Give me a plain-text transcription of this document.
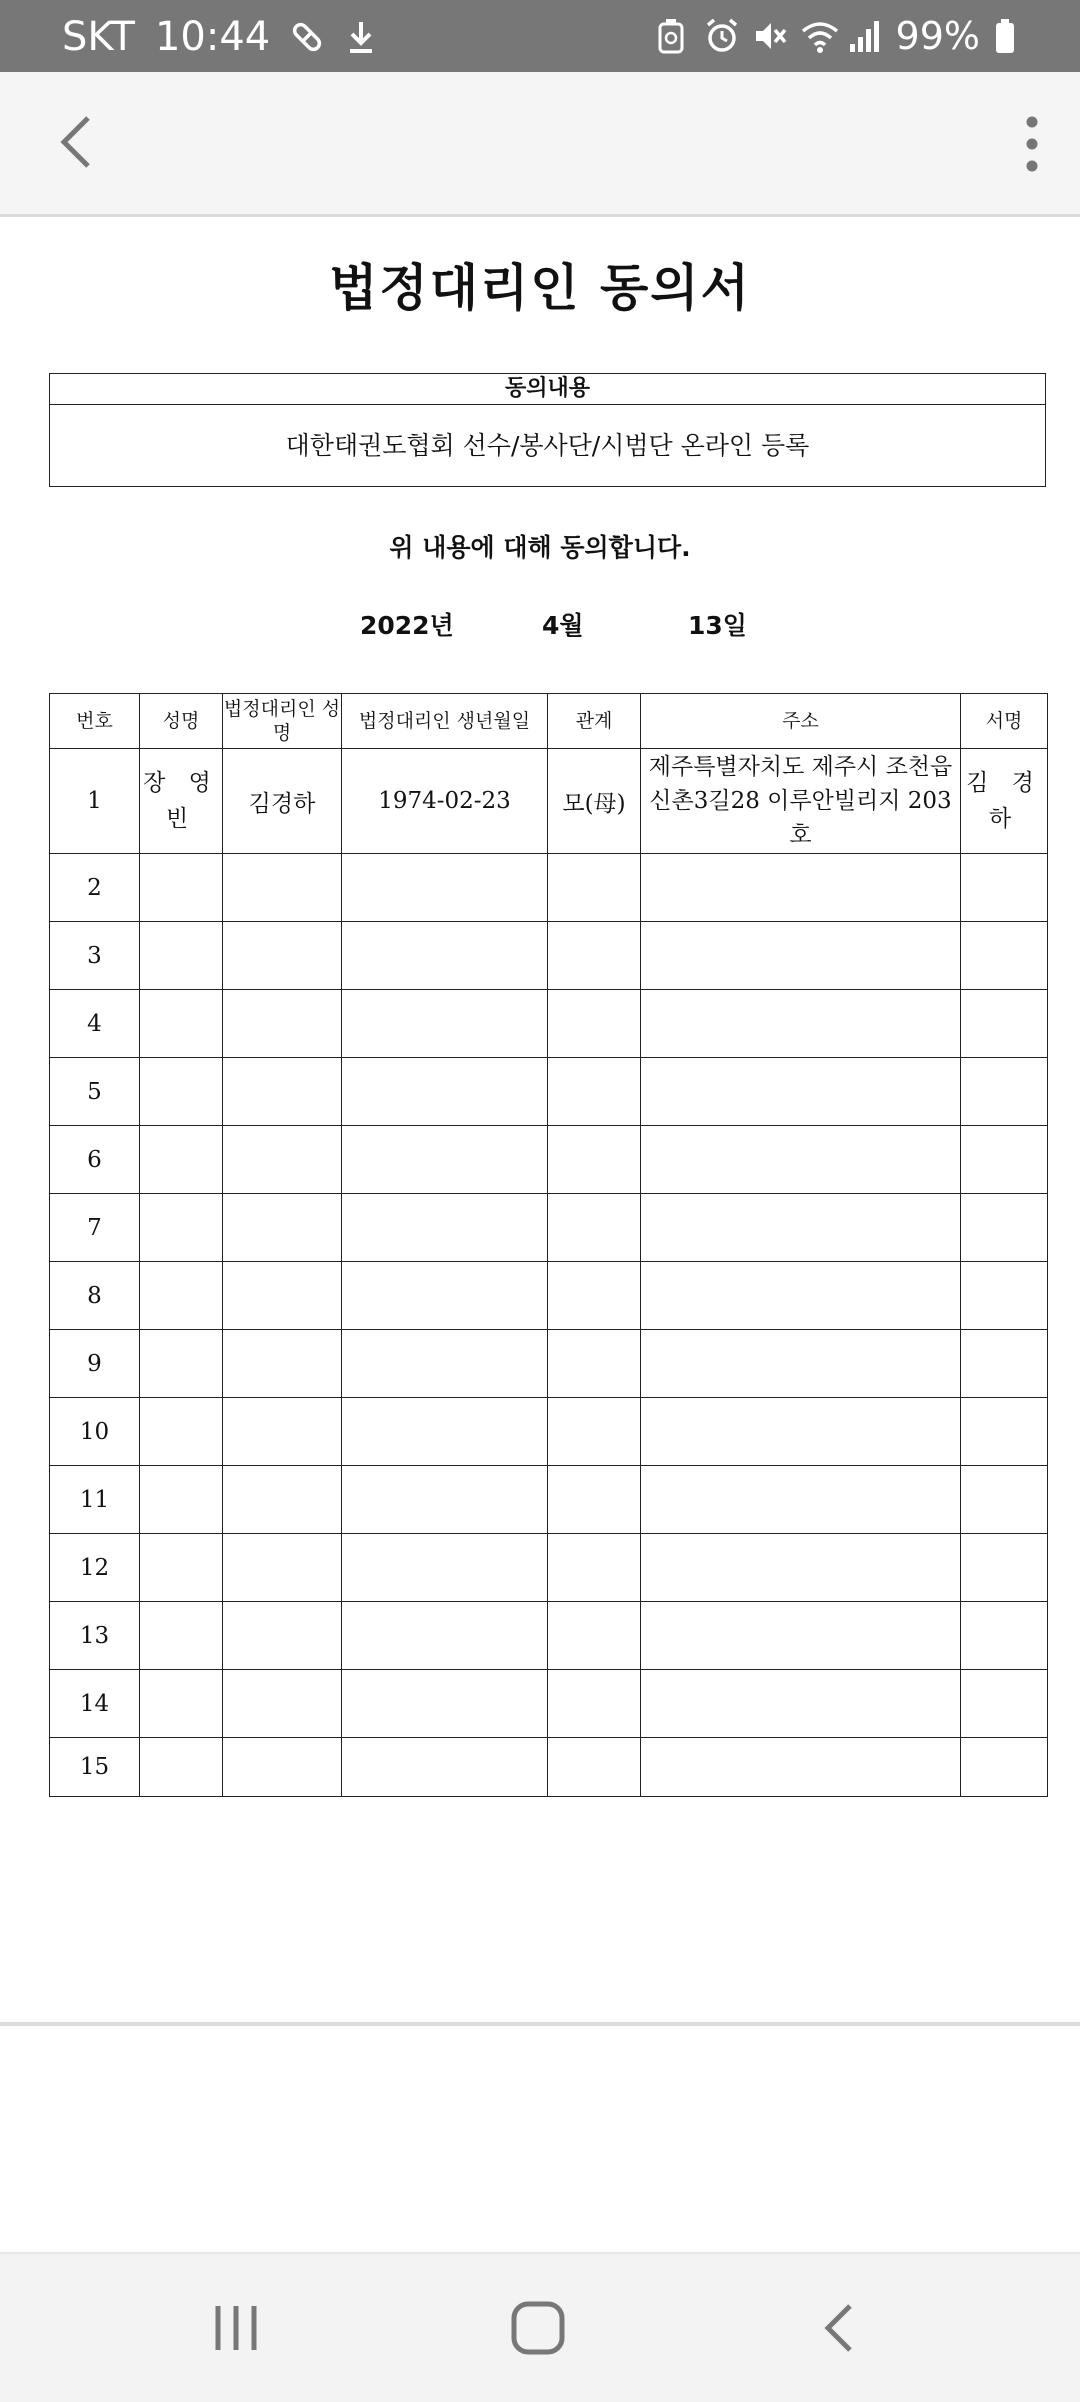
SKT 10:44	99%
법정대리인 동의서
동의내용
대한태권도협회 선수/봉사단/시범단 온라인 등록
위 내용에 대해 동의합니다.
2022년	4월	13일
번호	성명	법정대리인 성명	법정대리인 생년월일	관계	주소	서명
1	장 영 빈	김경하	1974-02-23	모(母)	제주특별자치도 제주시 조천읍 신촌3길28 이루안빌리지 203호	김 경 하
2						
3						
4						
5						
6						
7						
8						
9						
10						
11						
12						
13						
14						
15						
